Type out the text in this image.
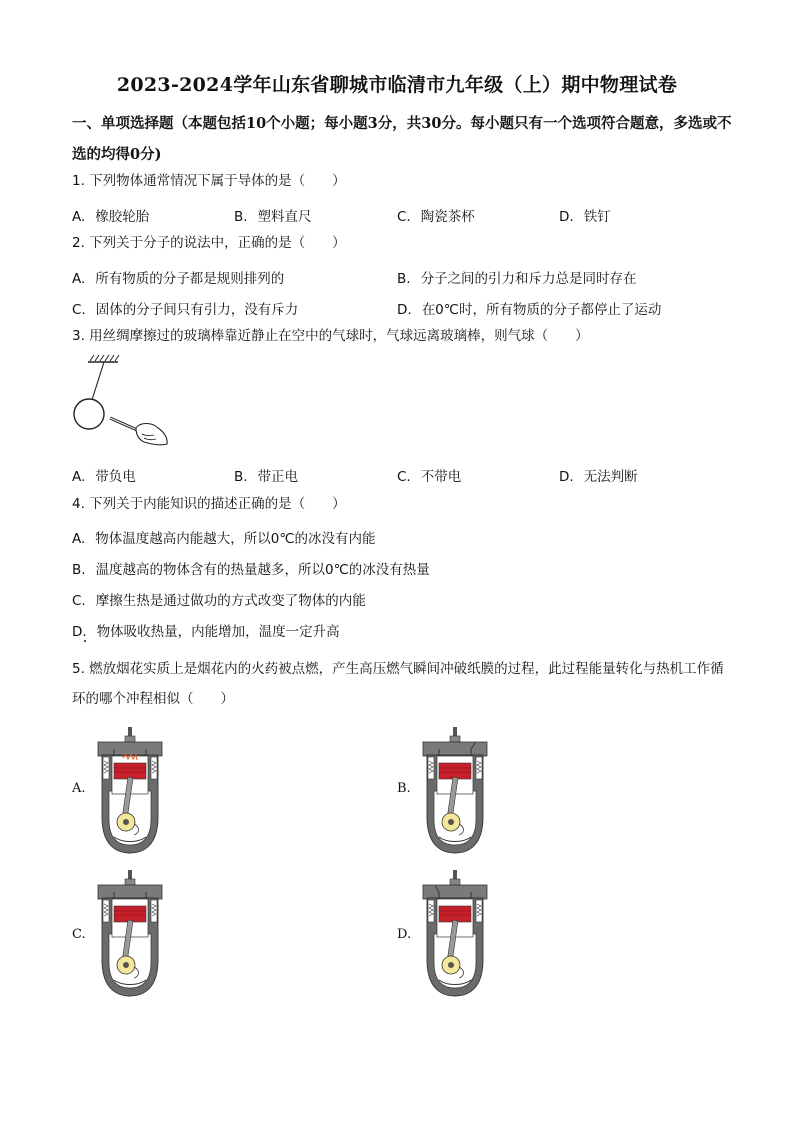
2023-2024学年山东省聊城市临清市九年级（上）期中物理试卷
一、单项选择题（本题包括10个小题；每小题3分，共30分。每小题只有一个选项符合题意，多选或不选的均得0分)
1. 下列物体通常情况下属于导体的是（　　）
A. 橡胶轮胎	B. 塑料直尺	C. 陶瓷茶杯	D. 铁钉
2. 下列关于分子的说法中，正确的是（　　）
A. 所有物质的分子都是规则排列的	B. 分子之间的引力和斥力总是同时存在
C. 固体的分子间只有引力，没有斥力	D. 在0℃时，所有物质的分子都停止了运动
3. 用丝绸摩擦过的玻璃棒靠近静止在空中的气球时，气球远离玻璃棒，则气球（　　）
A. 带负电	B. 带正电	C. 不带电	D. 无法判断
4. 下列关于内能知识的描述正确的是（　　）
A. 物体温度越高内能越大，所以0℃的冰没有内能
B. 温度越高的物体含有的热量越多，所以0℃的冰没有热量
C. 摩擦生热是通过做功的方式改变了物体的内能
D. 物体吸收热量，内能增加，温度一定升高
5. 燃放烟花实质上是烟花内的火药被点燃，产生高压燃气瞬间冲破纸膜的过程，此过程能量转化与热机工作循环的哪个冲程相似（　　）
A.	B.
C.	D.
